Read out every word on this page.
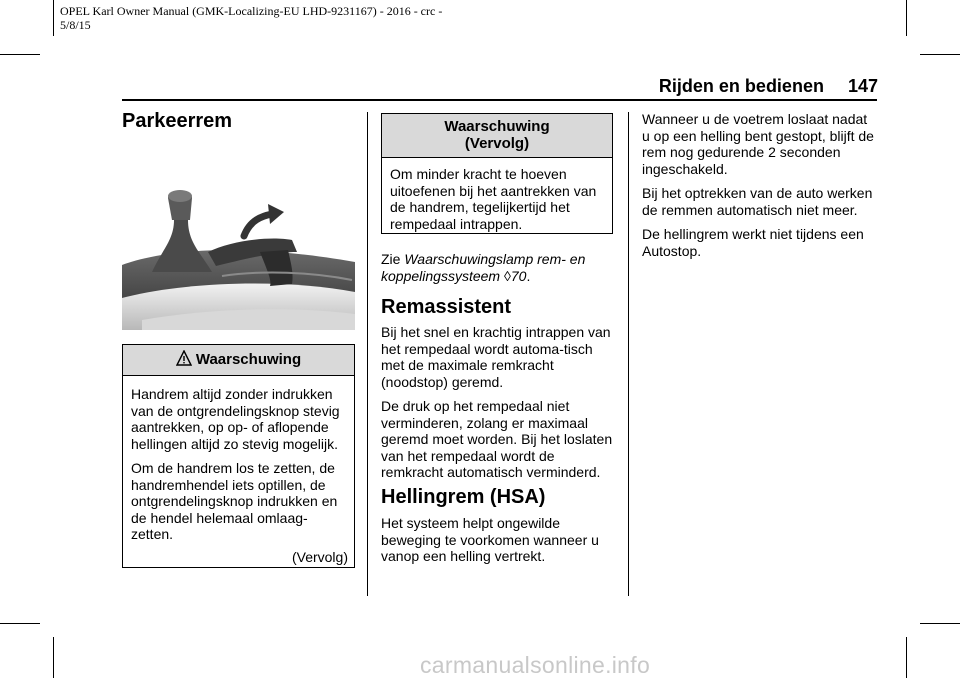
OPEL Karl Owner Manual (GMK-Localizing-EU LHD-9231167) - 2016 - crc -
5/8/15
Rijden en bedienen 147
Parkeerrem
Waarschuwing

Handrem altijd zonder indrukken van de ontgrendelingsknop stevig aantrekken, op op- of aflopende hellingen altijd zo stevig mogelijk.

Om de handrem los te zetten, de handremhendel iets optillen, de ontgrendelingsknop indrukken en de hendel helemaal omlaag-zetten.

(Vervolg)
Waarschuwing
(Vervolg)

Om minder kracht te hoeven uitoefenen bij het aantrekken van de handrem, tegelijkertijd het rempedaal intrappen.

Zie Waarschuwingslamp rem- en koppelingssysteem ◊70.

Remassistent

Bij het snel en krachtig intrappen van het rempedaal wordt automa-tisch met de maximale remkracht (noodstop) geremd.

De druk op het rempedaal niet verminderen, zolang er maximaal geremd moet worden. Bij het loslaten van het rempedaal wordt de remkracht automatisch verminderd.

Hellingrem (HSA)

Het systeem helpt ongewilde beweging te voorkomen wanneer u vanop een helling vertrekt.

Wanneer u de voetrem loslaat nadat u op een helling bent gestopt, blijft de rem nog gedurende 2 seconden ingeschakeld.

Bij het optrekken van de auto werken de remmen automatisch niet meer.

De hellingrem werkt niet tijdens een Autostop.

carmanualsonline.info
